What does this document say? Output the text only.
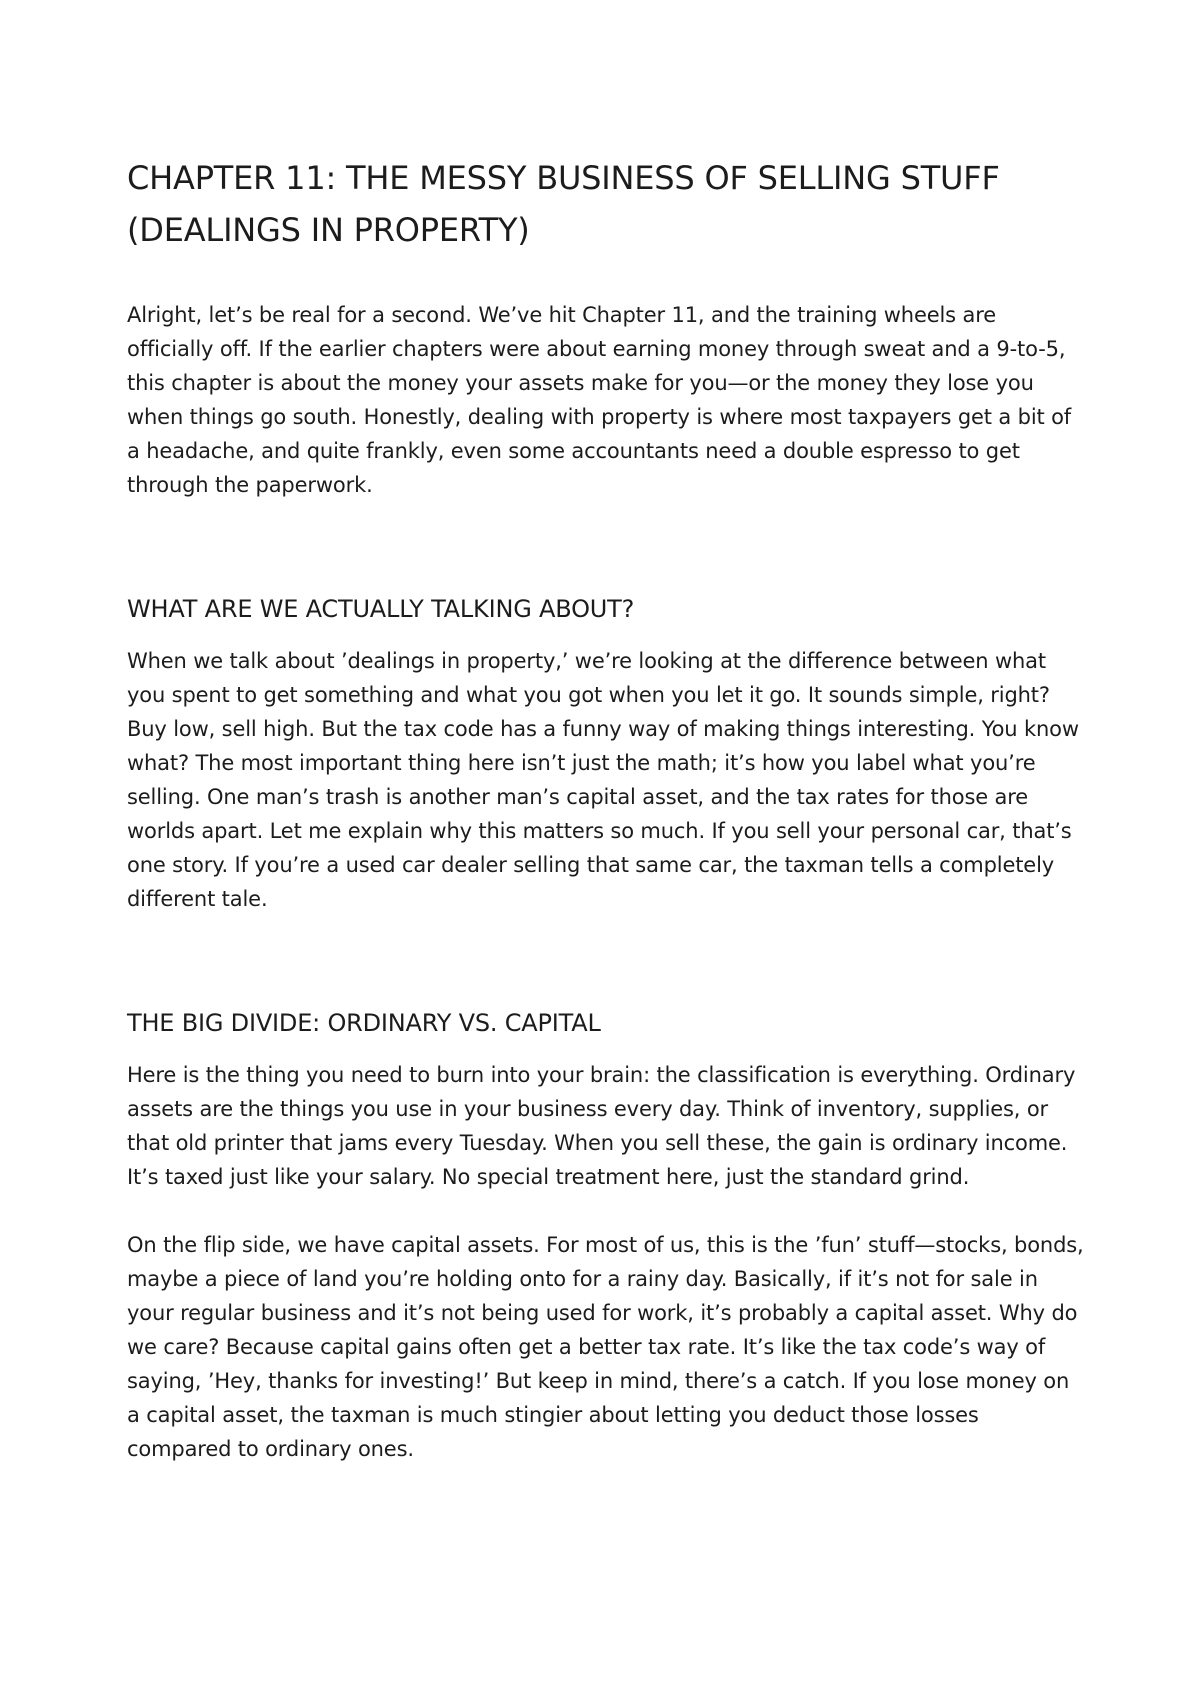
CHAPTER 11: THE MESSY BUSINESS OF SELLING STUFF (DEALINGS IN PROPERTY)

Alright, let’s be real for a second. We’ve hit Chapter 11, and the training wheels are officially off. If the earlier chapters were about earning money through sweat and a 9-to-5, this chapter is about the money your assets make for you—or the money they lose you when things go south. Honestly, dealing with property is where most taxpayers get a bit of a headache, and quite frankly, even some accountants need a double espresso to get through the paperwork.

WHAT ARE WE ACTUALLY TALKING ABOUT?

When we talk about ’dealings in property,’ we’re looking at the difference between what you spent to get something and what you got when you let it go. It sounds simple, right? Buy low, sell high. But the tax code has a funny way of making things interesting. You know what? The most important thing here isn’t just the math; it’s how you label what you’re selling. One man’s trash is another man’s capital asset, and the tax rates for those are worlds apart. Let me explain why this matters so much. If you sell your personal car, that’s one story. If you’re a used car dealer selling that same car, the taxman tells a completely different tale.

THE BIG DIVIDE: ORDINARY VS. CAPITAL

Here is the thing you need to burn into your brain: the classification is everything. Ordinary assets are the things you use in your business every day. Think of inventory, supplies, or that old printer that jams every Tuesday. When you sell these, the gain is ordinary income. It’s taxed just like your salary. No special treatment here, just the standard grind.

On the flip side, we have capital assets. For most of us, this is the ’fun’ stuff—stocks, bonds, maybe a piece of land you’re holding onto for a rainy day. Basically, if it’s not for sale in your regular business and it’s not being used for work, it’s probably a capital asset. Why do we care? Because capital gains often get a better tax rate. It’s like the tax code’s way of saying, ’Hey, thanks for investing!’ But keep in mind, there’s a catch. If you lose money on a capital asset, the taxman is much stingier about letting you deduct those losses compared to ordinary ones.
